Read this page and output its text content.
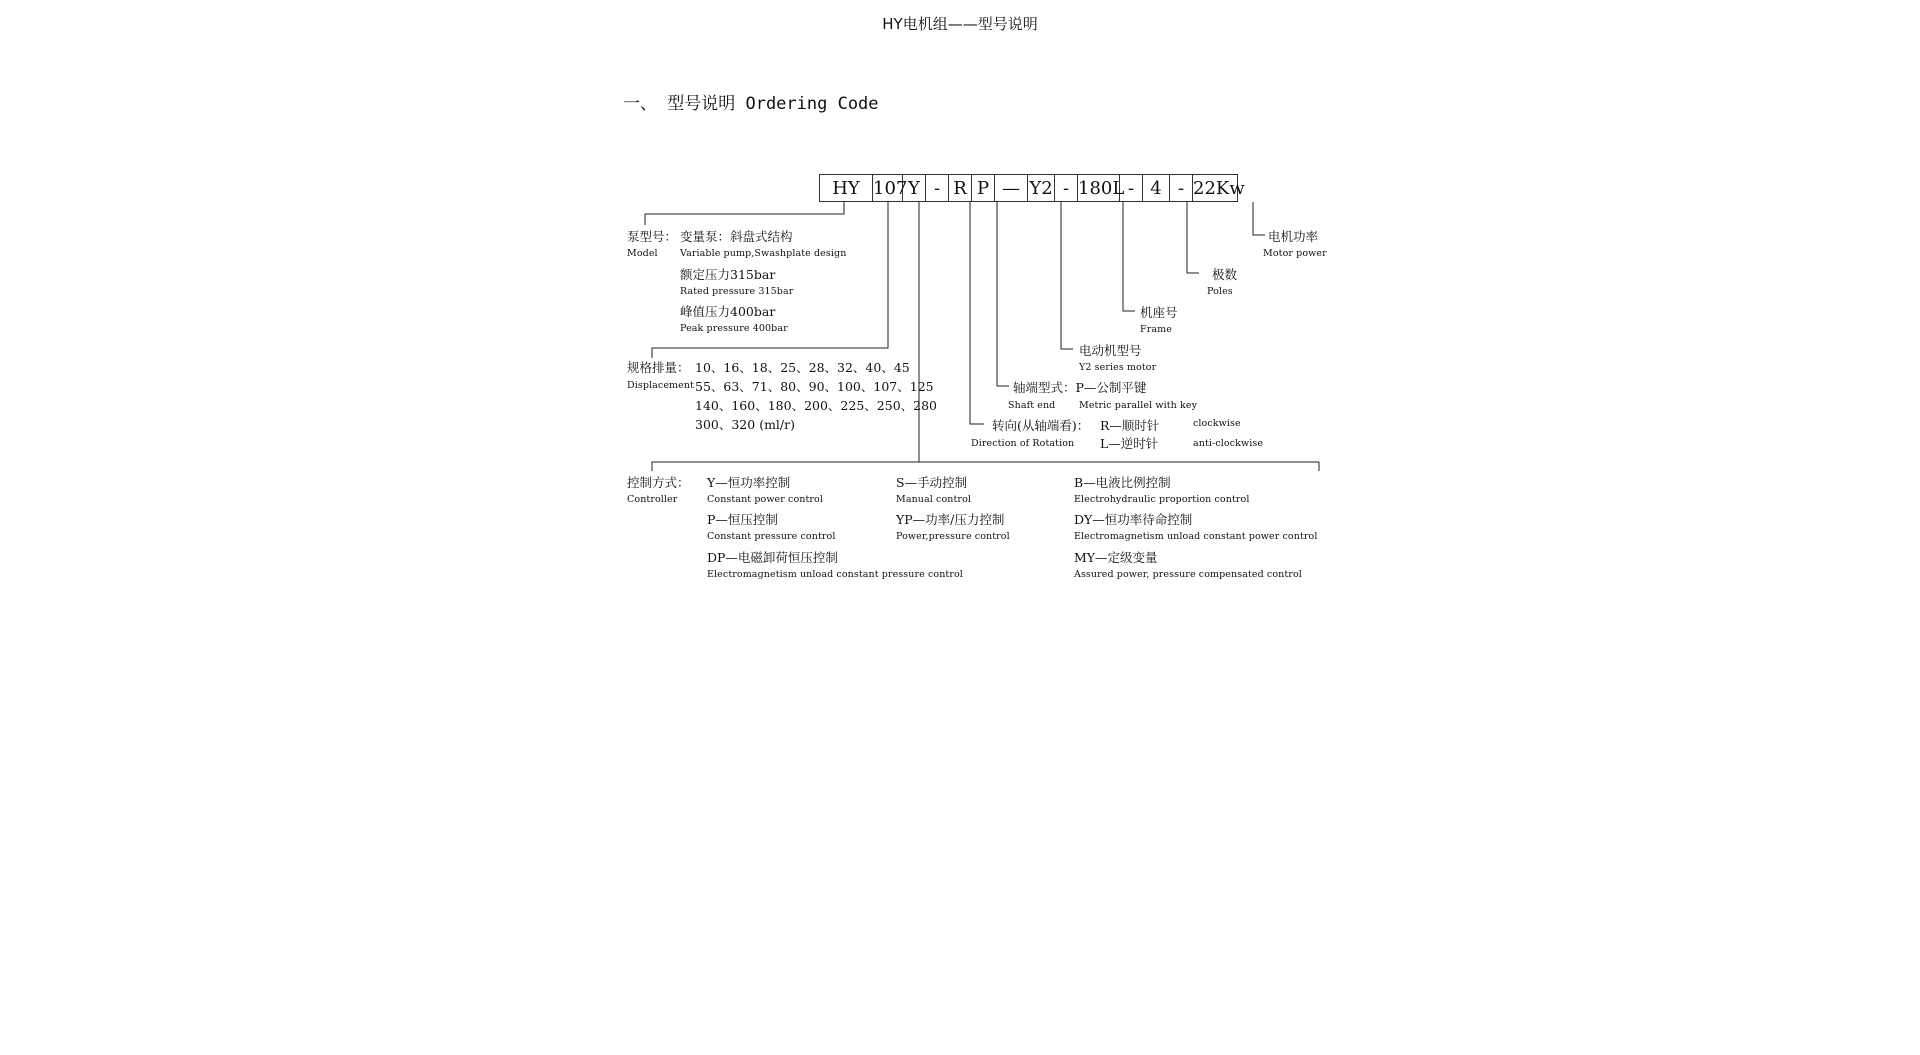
HY电机组——型号说明
一、 型号说明 Ordering Code
HY 107 Y - R P — Y2 - 180L - 4 - 22Kw
泵型号：
Model
变量泵：斜盘式结构
Variable pump,Swashplate design
额定压力315bar
Rated pressure 315bar
峰值压力400bar
Peak pressure 400bar
规格排量：
Displacement
10、16、18、25、28、32、40、45
55、63、71、80、90、100、107、125
140、160、180、200、225、250、280
300、320 (ml/r)
电机功率
Motor power
极数
Poles
机座号
Frame
电动机型号
Y2 series motor
轴端型式：P—公制平键
Shaft end Metric parallel with key
转向(从轴端看)： R—顺时针	clockwise
Direction of Rotation L—逆时针	anti-clockwise
控制方式：
Controller
Y—恒功率控制
Constant power control
P—恒压控制
Constant pressure control
DP—电磁卸荷恒压控制
Electromagnetism unload constant pressure control
S—手动控制
Manual control
YP—功率/压力控制
Power,pressure control
B—电液比例控制
Electrohydraulic proportion control
DY—恒功率待命控制
Electromagnetism unload constant power control
MY—定级变量
Assured power, pressure compensated control
